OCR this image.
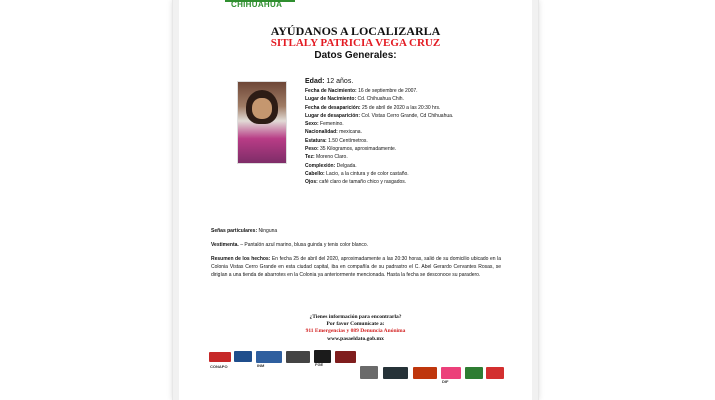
CHIHUAHUA
AYÚDANOS A LOCALIZARLA
SITLALY PATRICIA VEGA CRUZ
Datos Generales:
Edad: 12 años.
Fecha de Nacimiento: 16 de septiembre de 2007.
Lugar de Nacimiento: Cd. Chihuahua Chih.
Fecha de desaparición: 25 de abril de 2020 a las 20:30 hrs.
Lugar de desaparición: Col. Vistas Cerro Grande, Cd Chihuahua.
Sexo: Femenino.
Nacionalidad: mexicana.
Estatura: 1.50 Centímetros.
Peso: 35 Kilogramos, aproximadamente.
Tez: Moreno Claro.
Complexión: Delgada.
Cabello: Lacio, a la cintura y de color castaño.
Ojos: café claro de tamaño chico y rasgados.
Señas particulares: Ninguna
Vestimenta. – Pantalón azul marino, blusa guinda y tenis color blanco.
Resumen de los hechos: En fecha 25 de abril del 2020, aproximadamente a las 20:30 horas, salió de su domicilio ubicado en la Colonia Vistas Cerro Grande en esta ciudad capital, iba en compañía de su padrastro el C. Abel Gerardo Cervantes Rosas, se dirigían a una tienda de abarrotes en la Colonia ya anteriormente mencionada. Hasta la fecha se desconoce su paradero.
¿Tienes información para encontrarla?
Por favor Comunícate a:
911 Emergencias y 089 Denuncia Anónima
www.pasaeldato.gob.mx
CONAPO	INM	FGE
DIF
